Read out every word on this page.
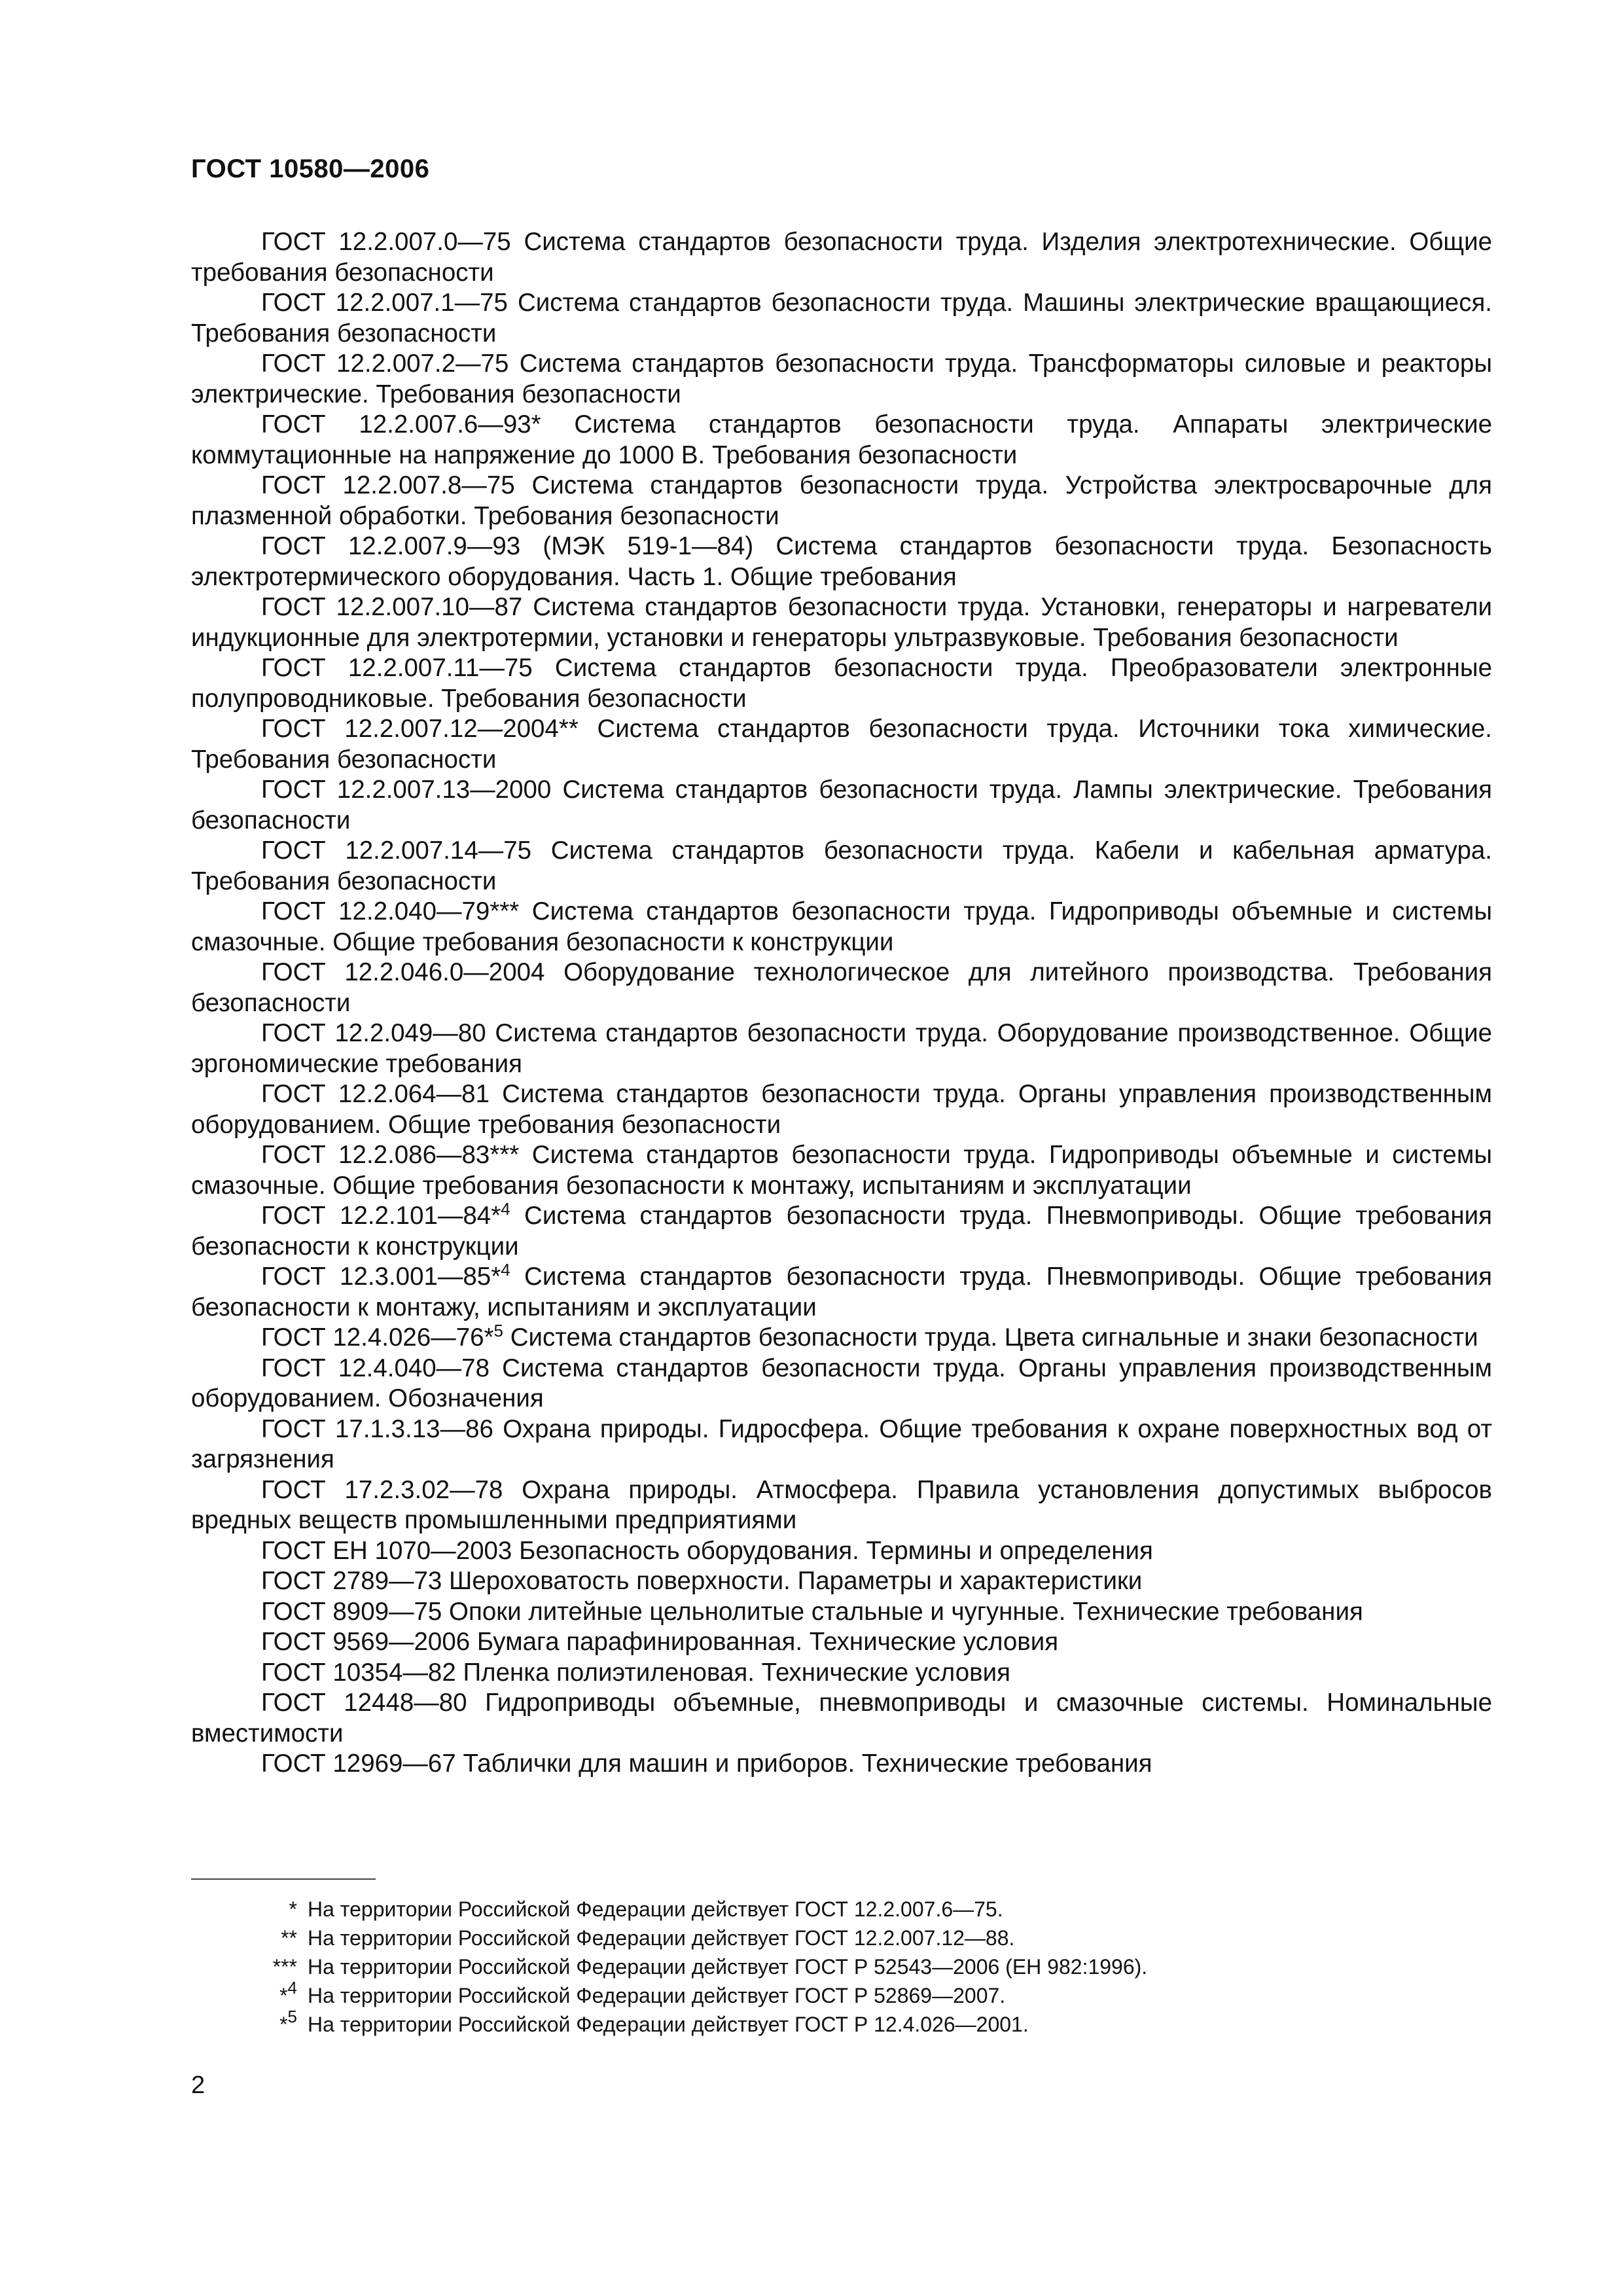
ГОСТ 10580—2006

ГОСТ 12.2.007.0—75 Система стандартов безопасности труда. Изделия электротехнические. Общие требования безопасности

ГОСТ 12.2.007.1—75 Система стандартов безопасности труда. Машины электрические вращающиеся. Требования безопасности

ГОСТ 12.2.007.2—75 Система стандартов безопасности труда. Трансформаторы силовые и реакторы электрические. Требования безопасности

ГОСТ 12.2.007.6—93* Система стандартов безопасности труда. Аппараты электрические коммутационные на напряжение до 1000 В. Требования безопасности

ГОСТ 12.2.007.8—75 Система стандартов безопасности труда. Устройства электросварочные для плазменной обработки. Требования безопасности

ГОСТ 12.2.007.9—93 (МЭК 519-1—84) Система стандартов безопасности труда. Безопасность электротермического оборудования. Часть 1. Общие требования

ГОСТ 12.2.007.10—87 Система стандартов безопасности труда. Установки, генераторы и нагреватели индукционные для электротермии, установки и генераторы ультразвуковые. Требования безопасности

ГОСТ 12.2.007.11—75 Система стандартов безопасности труда. Преобразователи электронные полупроводниковые. Требования безопасности

ГОСТ 12.2.007.12—2004** Система стандартов безопасности труда. Источники тока химические. Требования безопасности

ГОСТ 12.2.007.13—2000 Система стандартов безопасности труда. Лампы электрические. Требования безопасности

ГОСТ 12.2.007.14—75 Система стандартов безопасности труда. Кабели и кабельная арматура. Требования безопасности

ГОСТ 12.2.040—79*** Система стандартов безопасности труда. Гидроприводы объемные и системы смазочные. Общие требования безопасности к конструкции

ГОСТ 12.2.046.0—2004 Оборудование технологическое для литейного производства. Требования безопасности

ГОСТ 12.2.049—80 Система стандартов безопасности труда. Оборудование производственное. Общие эргономические требования

ГОСТ 12.2.064—81 Система стандартов безопасности труда. Органы управления производственным оборудованием. Общие требования безопасности

ГОСТ 12.2.086—83*** Система стандартов безопасности труда. Гидроприводы объемные и системы смазочные. Общие требования безопасности к монтажу, испытаниям и эксплуатации

ГОСТ 12.2.101—84*$^4$ Система стандартов безопасности труда. Пневмоприводы. Общие требования безопасности к конструкции

ГОСТ 12.3.001—85*$^4$ Система стандартов безопасности труда. Пневмоприводы. Общие требования безопасности к монтажу, испытаниям и эксплуатации

ГОСТ 12.4.026—76*$^5$ Система стандартов безопасности труда. Цвета сигнальные и знаки безопасности

ГОСТ 12.4.040—78 Система стандартов безопасности труда. Органы управления производственным оборудованием. Обозначения

ГОСТ 17.1.3.13—86 Охрана природы. Гидросфера. Общие требования к охране поверхностных вод от загрязнения

ГОСТ 17.2.3.02—78 Охрана природы. Атмосфера. Правила установления допустимых выбросов вредных веществ промышленными предприятиями

ГОСТ ЕН 1070—2003 Безопасность оборудования. Термины и определения

ГОСТ 2789—73 Шероховатость поверхности. Параметры и характеристики

ГОСТ 8909—75 Опоки литейные цельнолитые стальные и чугунные. Технические требования

ГОСТ 9569—2006 Бумага парафинированная. Технические условия

ГОСТ 10354—82 Пленка полиэтиленовая. Технические условия

ГОСТ 12448—80 Гидроприводы объемные, пневмоприводы и смазочные системы. Номинальные вместимости

ГОСТ 12969—67 Таблички для машин и приборов. Технические требования

* На территории Российской Федерации действует ГОСТ 12.2.007.6—75.
** На территории Российской Федерации действует ГОСТ 12.2.007.12—88.
*** На территории Российской Федерации действует ГОСТ Р 52543—2006 (ЕН 982:1996).
*$^4$ На территории Российской Федерации действует ГОСТ Р 52869—2007.
*$^5$ На территории Российской Федерации действует ГОСТ Р 12.4.026—2001.
2
